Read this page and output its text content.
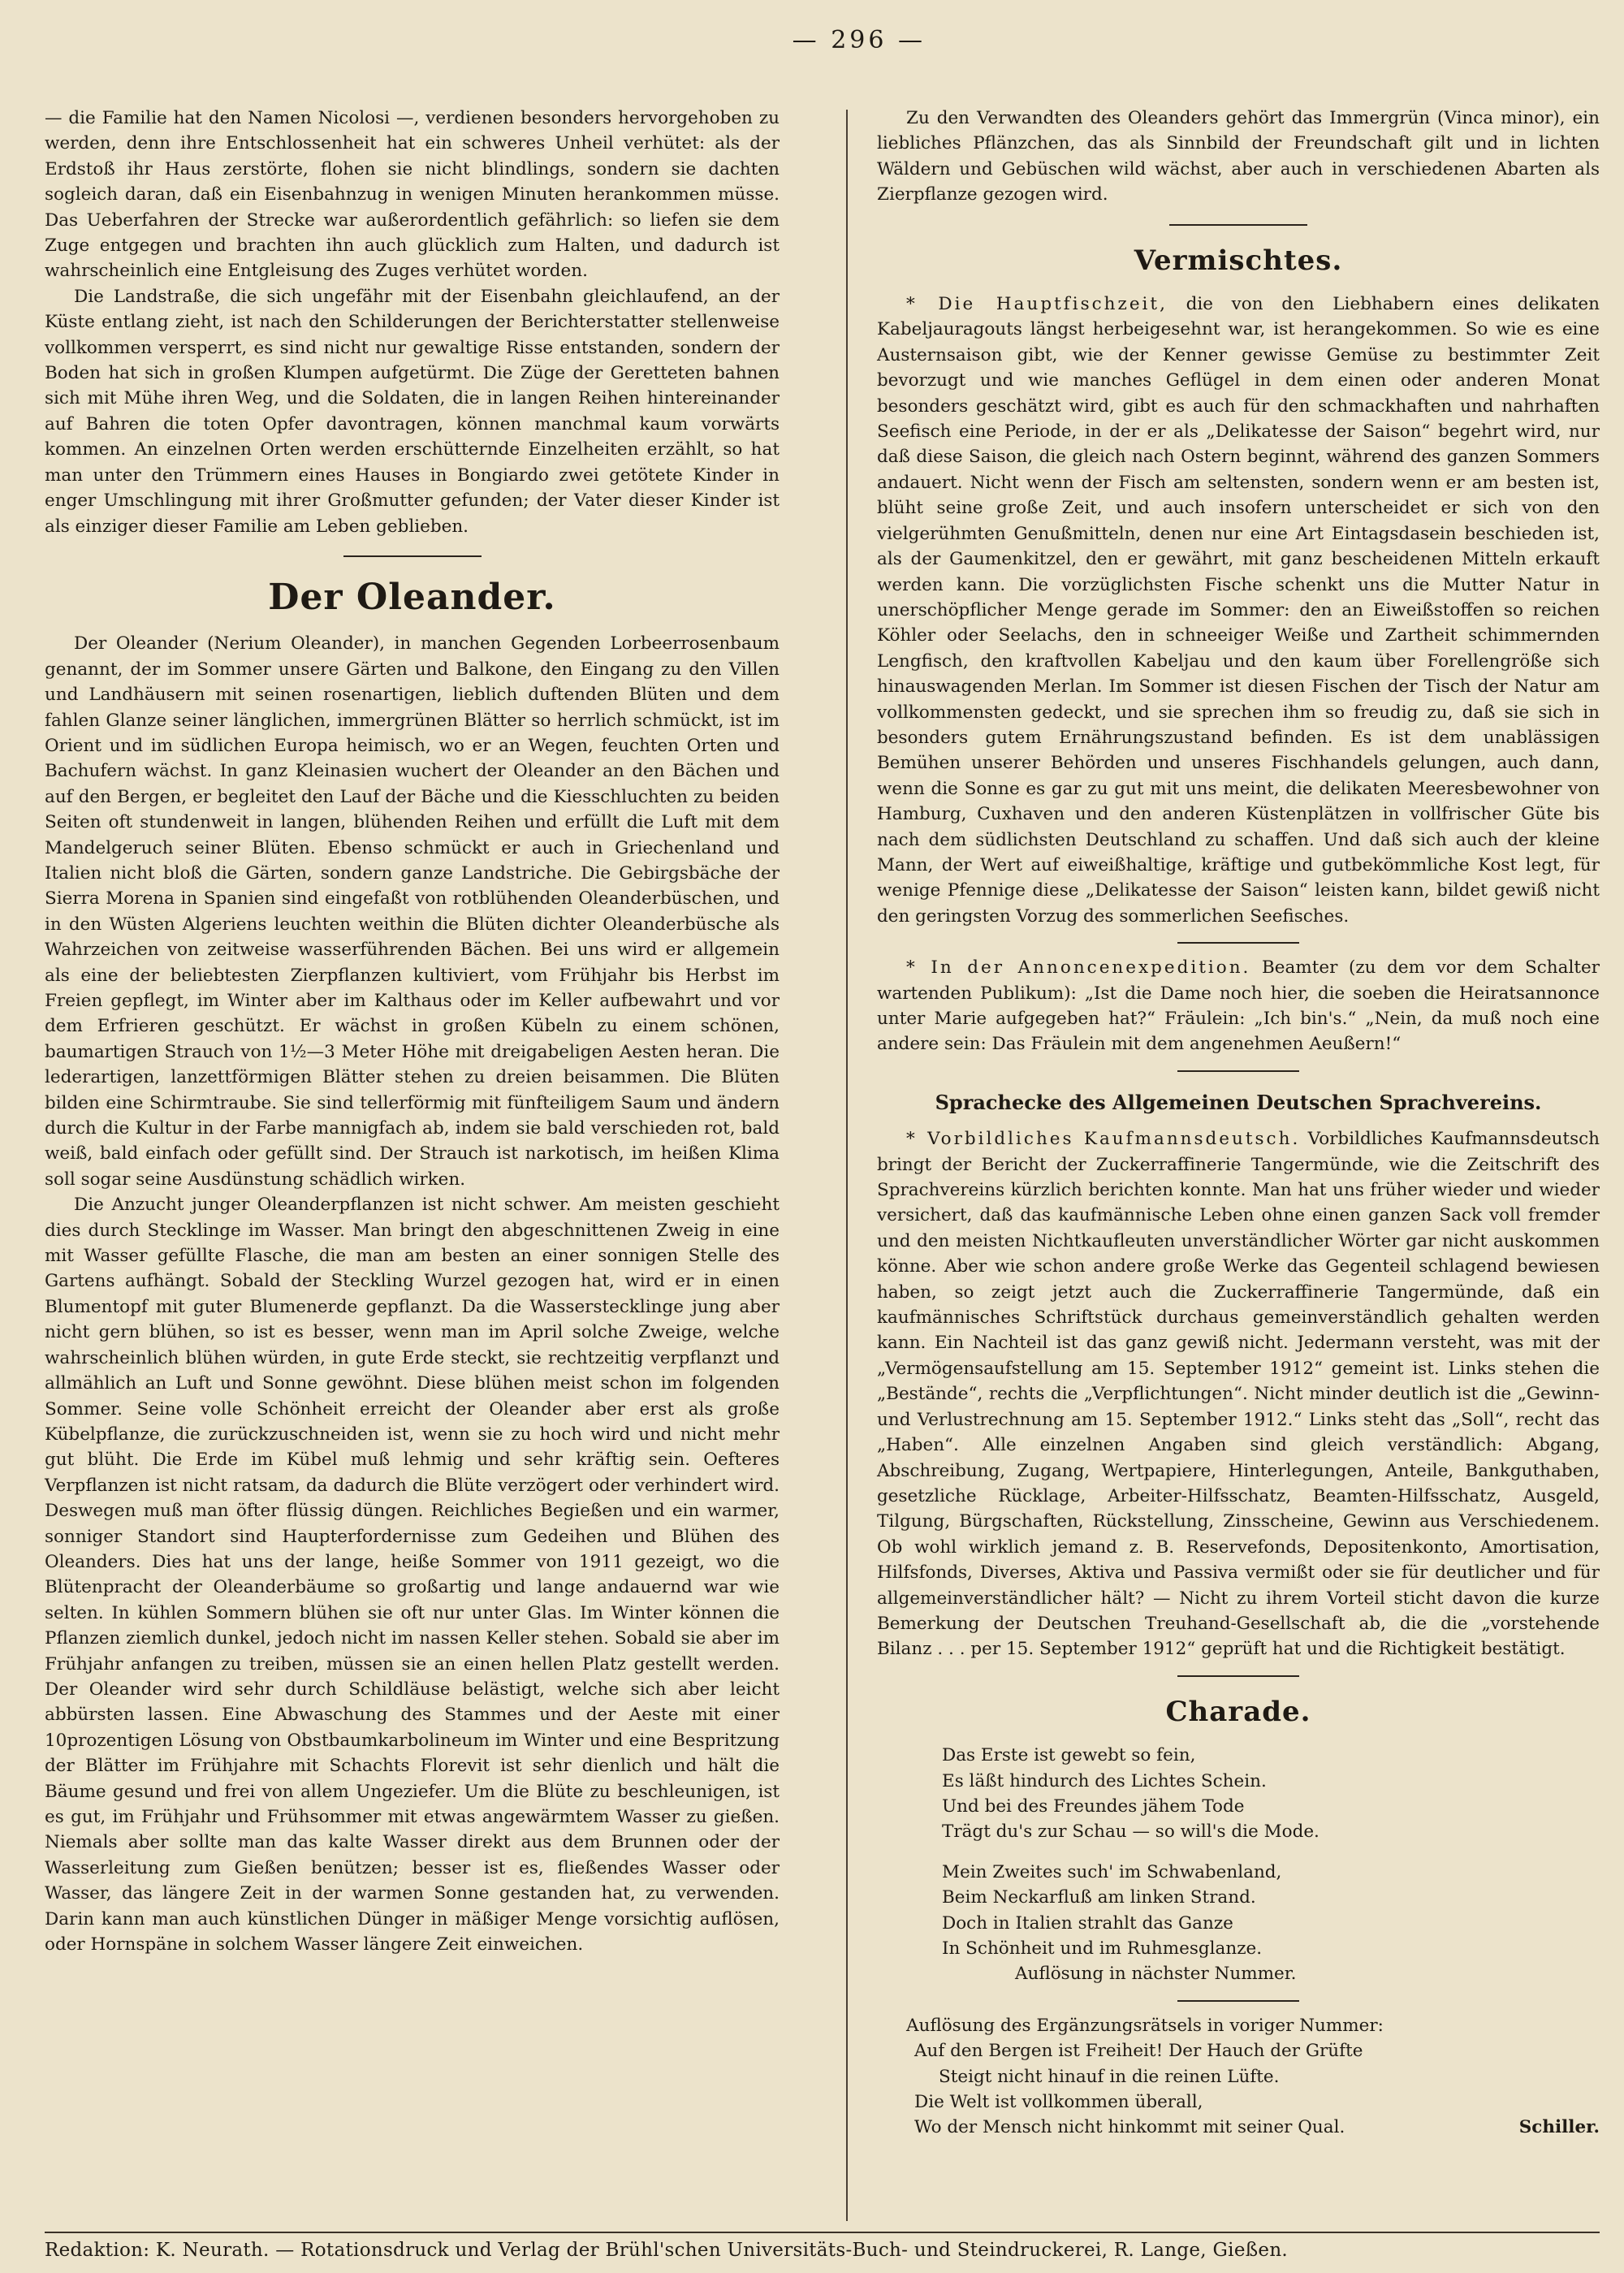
— 296 —

— die Familie hat den Namen Nicolosi —, verdienen besonders hervorgehoben zu werden, denn ihre Entschlossenheit hat ein schweres Unheil verhütet: als der Erdstoß ihr Haus zerstörte, flohen sie nicht blindlings, sondern sie dachten sogleich daran, daß ein Eisenbahnzug in wenigen Minuten herankommen müsse. Das Ueberfahren der Strecke war außerordentlich gefährlich: so liefen sie dem Zuge entgegen und brachten ihn auch glücklich zum Halten, und dadurch ist wahrscheinlich eine Entgleisung des Zuges verhütet worden.

Die Landstraße, die sich ungefähr mit der Eisenbahn gleichlaufend, an der Küste entlang zieht, ist nach den Schilderungen der Berichterstatter stellenweise vollkommen versperrt, es sind nicht nur gewaltige Risse entstanden, sondern der Boden hat sich in großen Klumpen aufgetürmt. Die Züge der Geretteten bahnen sich mit Mühe ihren Weg, und die Soldaten, die in langen Reihen hintereinander auf Bahren die toten Opfer davontragen, können manchmal kaum vorwärts kommen. An einzelnen Orten werden erschütternde Einzelheiten erzählt, so hat man unter den Trümmern eines Hauses in Bongiardo zwei getötete Kinder in enger Umschlingung mit ihrer Großmutter gefunden; der Vater dieser Kinder ist als einziger dieser Familie am Leben geblieben.

Der Oleander.

Der Oleander (Nerium Oleander), in manchen Gegenden Lorbeerrosenbaum genannt, der im Sommer unsere Gärten und Balkone, den Eingang zu den Villen und Landhäusern mit seinen rosenartigen, lieblich duftenden Blüten und dem fahlen Glanze seiner länglichen, immergrünen Blätter so herrlich schmückt, ist im Orient und im südlichen Europa heimisch, wo er an Wegen, feuchten Orten und Bachufern wächst. In ganz Kleinasien wuchert der Oleander an den Bächen und auf den Bergen, er begleitet den Lauf der Bäche und die Kiesschluchten zu beiden Seiten oft stundenweit in langen, blühenden Reihen und erfüllt die Luft mit dem Mandelgeruch seiner Blüten. Ebenso schmückt er auch in Griechenland und Italien nicht bloß die Gärten, sondern ganze Landstriche. Die Gebirgsbäche der Sierra Morena in Spanien sind eingefaßt von rotblühenden Oleanderbüschen, und in den Wüsten Algeriens leuchten weithin die Blüten dichter Oleanderbüsche als Wahrzeichen von zeitweise wasserführenden Bächen. Bei uns wird er allgemein als eine der beliebtesten Zierpflanzen kultiviert, vom Frühjahr bis Herbst im Freien gepflegt, im Winter aber im Kalthaus oder im Keller aufbewahrt und vor dem Erfrieren geschützt. Er wächst in großen Kübeln zu einem schönen, baumartigen Strauch von 1½—3 Meter Höhe mit dreigabeligen Aesten heran. Die lederartigen, lanzettförmigen Blätter stehen zu dreien beisammen. Die Blüten bilden eine Schirmtraube. Sie sind tellerförmig mit fünfteiligem Saum und ändern durch die Kultur in der Farbe mannigfach ab, indem sie bald verschieden rot, bald weiß, bald einfach oder gefüllt sind. Der Strauch ist narkotisch, im heißen Klima soll sogar seine Ausdünstung schädlich wirken.

Die Anzucht junger Oleanderpflanzen ist nicht schwer. Am meisten geschieht dies durch Stecklinge im Wasser. Man bringt den abgeschnittenen Zweig in eine mit Wasser gefüllte Flasche, die man am besten an einer sonnigen Stelle des Gartens aufhängt. Sobald der Steckling Wurzel gezogen hat, wird er in einen Blumentopf mit guter Blumenerde gepflanzt. Da die Wasserstecklinge jung aber nicht gern blühen, so ist es besser, wenn man im April solche Zweige, welche wahrscheinlich blühen würden, in gute Erde steckt, sie rechtzeitig verpflanzt und allmählich an Luft und Sonne gewöhnt. Diese blühen meist schon im folgenden Sommer. Seine volle Schönheit erreicht der Oleander aber erst als große Kübelpflanze, die zurückzuschneiden ist, wenn sie zu hoch wird und nicht mehr gut blüht. Die Erde im Kübel muß lehmig und sehr kräftig sein. Oefteres Verpflanzen ist nicht ratsam, da dadurch die Blüte verzögert oder verhindert wird. Deswegen muß man öfter flüssig düngen. Reichliches Begießen und ein warmer, sonniger Standort sind Haupterfordernisse zum Gedeihen und Blühen des Oleanders. Dies hat uns der lange, heiße Sommer von 1911 gezeigt, wo die Blütenpracht der Oleanderbäume so großartig und lange andauernd war wie selten. In kühlen Sommern blühen sie oft nur unter Glas. Im Winter können die Pflanzen ziemlich dunkel, jedoch nicht im nassen Keller stehen. Sobald sie aber im Frühjahr anfangen zu treiben, müssen sie an einen hellen Platz gestellt werden. Der Oleander wird sehr durch Schildläuse belästigt, welche sich aber leicht abbürsten lassen. Eine Abwaschung des Stammes und der Aeste mit einer 10prozentigen Lösung von Obstbaumkarbolineum im Winter und eine Bespritzung der Blätter im Frühjahre mit Schachts Florevit ist sehr dienlich und hält die Bäume gesund und frei von allem Ungeziefer. Um die Blüte zu beschleunigen, ist es gut, im Frühjahr und Frühsommer mit etwas angewärmtem Wasser zu gießen. Niemals aber sollte man das kalte Wasser direkt aus dem Brunnen oder der Wasserleitung zum Gießen benützen; besser ist es, fließendes Wasser oder Wasser, das längere Zeit in der warmen Sonne gestanden hat, zu verwenden. Darin kann man auch künstlichen Dünger in mäßiger Menge vorsichtig auflösen, oder Hornspäne in solchem Wasser längere Zeit einweichen.

Zu den Verwandten des Oleanders gehört das Immergrün (Vinca minor), ein liebliches Pflänzchen, das als Sinnbild der Freundschaft gilt und in lichten Wäldern und Gebüschen wild wächst, aber auch in verschiedenen Abarten als Zierpflanze gezogen wird.

Vermischtes.

* Die Hauptfischzeit, die von den Liebhabern eines delikaten Kabeljauragouts längst herbeigesehnt war, ist herangekommen. So wie es eine Austernsaison gibt, wie der Kenner gewisse Gemüse zu bestimmter Zeit bevorzugt und wie manches Geflügel in dem einen oder anderen Monat besonders geschätzt wird, gibt es auch für den schmackhaften und nahrhaften Seefisch eine Periode, in der er als „Delikatesse der Saison“ begehrt wird, nur daß diese Saison, die gleich nach Ostern beginnt, während des ganzen Sommers andauert. Nicht wenn der Fisch am seltensten, sondern wenn er am besten ist, blüht seine große Zeit, und auch insofern unterscheidet er sich von den vielgerühmten Genußmitteln, denen nur eine Art Eintagsdasein beschieden ist, als der Gaumenkitzel, den er gewährt, mit ganz bescheidenen Mitteln erkauft werden kann. Die vorzüglichsten Fische schenkt uns die Mutter Natur in unerschöpflicher Menge gerade im Sommer: den an Eiweißstoffen so reichen Köhler oder Seelachs, den in schneeiger Weiße und Zartheit schimmernden Lengfisch, den kraftvollen Kabeljau und den kaum über Forellengröße sich hinauswagenden Merlan. Im Sommer ist diesen Fischen der Tisch der Natur am vollkommensten gedeckt, und sie sprechen ihm so freudig zu, daß sie sich in besonders gutem Ernährungszustand befinden. Es ist dem unablässigen Bemühen unserer Behörden und unseres Fischhandels gelungen, auch dann, wenn die Sonne es gar zu gut mit uns meint, die delikaten Meeresbewohner von Hamburg, Cuxhaven und den anderen Küstenplätzen in vollfrischer Güte bis nach dem südlichsten Deutschland zu schaffen. Und daß sich auch der kleine Mann, der Wert auf eiweißhaltige, kräftige und gutbekömmliche Kost legt, für wenige Pfennige diese „Delikatesse der Saison“ leisten kann, bildet gewiß nicht den geringsten Vorzug des sommerlichen Seefisches.

* In der Annoncenexpedition. Beamter (zu dem vor dem Schalter wartenden Publikum): „Ist die Dame noch hier, die soeben die Heiratsannonce unter Marie aufgegeben hat?“ Fräulein: „Ich bin's.“ „Nein, da muß noch eine andere sein: Das Fräulein mit dem angenehmen Aeußern!“

Sprachecke des Allgemeinen Deutschen Sprachvereins.

* Vorbildliches Kaufmannsdeutsch. Vorbildliches Kaufmannsdeutsch bringt der Bericht der Zuckerraffinerie Tangermünde, wie die Zeitschrift des Sprachvereins kürzlich berichten konnte. Man hat uns früher wieder und wieder versichert, daß das kaufmännische Leben ohne einen ganzen Sack voll fremder und den meisten Nichtkaufleuten unverständlicher Wörter gar nicht auskommen könne. Aber wie schon andere große Werke das Gegenteil schlagend bewiesen haben, so zeigt jetzt auch die Zuckerraffinerie Tangermünde, daß ein kaufmännisches Schriftstück durchaus gemeinverständlich gehalten werden kann. Ein Nachteil ist das ganz gewiß nicht. Jedermann versteht, was mit der „Vermögensaufstellung am 15. September 1912“ gemeint ist. Links stehen die „Bestände“, rechts die „Verpflichtungen“. Nicht minder deutlich ist die „Gewinn- und Verlustrechnung am 15. September 1912.“ Links steht das „Soll“, recht das „Haben“. Alle einzelnen Angaben sind gleich verständlich: Abgang, Abschreibung, Zugang, Wertpapiere, Hinterlegungen, Anteile, Bankguthaben, gesetzliche Rücklage, Arbeiter-Hilfsschatz, Beamten-Hilfsschatz, Ausgeld, Tilgung, Bürgschaften, Rückstellung, Zinsscheine, Gewinn aus Verschiedenem. Ob wohl wirklich jemand z. B. Reservefonds, Depositenkonto, Amortisation, Hilfsfonds, Diverses, Aktiva und Passiva vermißt oder sie für deutlicher und für allgemeinverständlicher hält? — Nicht zu ihrem Vorteil sticht davon die kurze Bemerkung der Deutschen Treuhand-Gesellschaft ab, die die „vorstehende Bilanz . . . per 15. September 1912“ geprüft hat und die Richtigkeit bestätigt.

Charade.
Das Erste ist gewebt so fein,
Es läßt hindurch des Lichtes Schein.
Und bei des Freundes jähem Tode
Trägt du's zur Schau — so will's die Mode.
Mein Zweites such' im Schwabenland,
Beim Neckarfluß am linken Strand.
Doch in Italien strahlt das Ganze
In Schönheit und im Ruhmesglanze.
Auflösung in nächster Nummer.
Auflösung des Ergänzungsrätsels in voriger Nummer:
Auf den Bergen ist Freiheit! Der Hauch der Grüfte
Steigt nicht hinauf in die reinen Lüfte.
Die Welt ist vollkommen überall,
Wo der Mensch nicht hinkommt mit seiner Qual.	Schiller.
Redaktion: K. Neurath. — Rotationsdruck und Verlag der Brühl'schen Universitäts-Buch- und Steindruckerei, R. Lange, Gießen.
